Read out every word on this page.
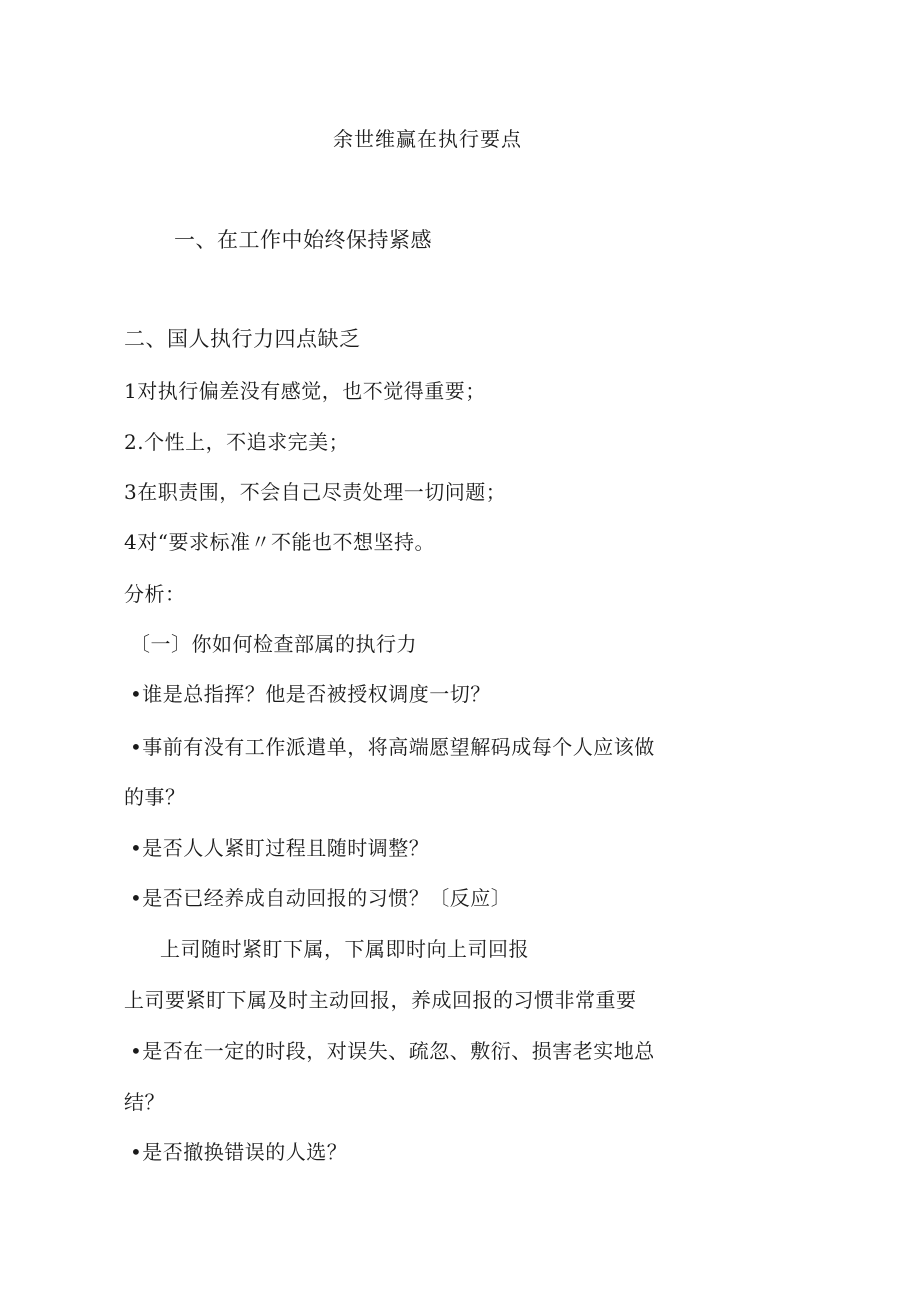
余世维赢在执行要点
一、在工作中始终保持紧感
二、国人执行力四点缺乏
1对执行偏差没有感觉，也不觉得重要；
2.个性上，不追求完美；
3在职责围，不会自己尽责处理一切问题；
4对“要求标准〃不能也不想坚持。
分析：
〔一〕你如何检查部属的执行力
•谁是总指挥？他是否被授权调度一切？
•事前有没有工作派遣单，将高端愿望解码成每个人应该做
的事？
•是否人人紧盯过程且随时调整？
•是否已经养成自动回报的习惯？〔反应〕
上司随时紧盯下属，下属即时向上司回报
上司要紧盯下属及时主动回报，养成回报的习惯非常重要
•是否在一定的时段，对误失、疏忽、敷衍、损害老实地总
结？
•是否撤换错误的人选？
